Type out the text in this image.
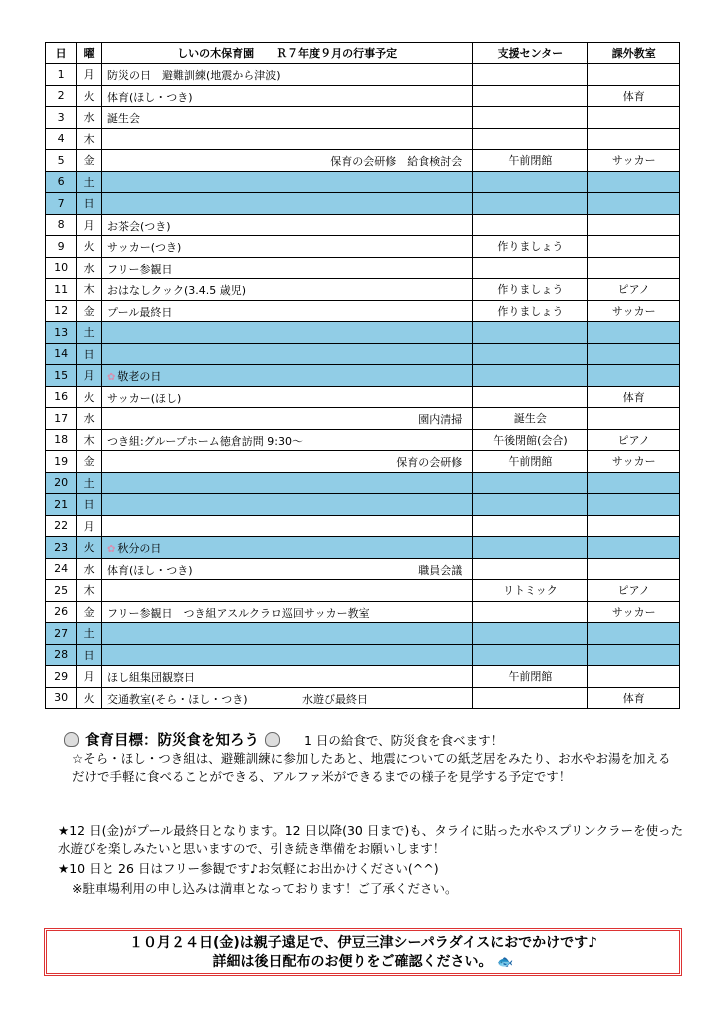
日	曜	しいの木保育園　　Ｒ７年度９月の行事予定	支援センター	課外教室
1	月	防災の日　避難訓練(地震から津波)		

2	火	体育(ほし・つき)		体育
3	水	誕生会		

4	木			
5	金	保育の会研修　給食検討会	午前閉館	サッカー
6	土			
7	日			
8	月	お茶会(つき)		

9	火	サッカー(つき)	作りましょう	
10	水	フリー参観日		

11	木	おはなしクック(3.4.5 歳児)	作りましょう	ピアノ
12	金	プール最終日	作りましょう	サッカー
13	土			
14	日			
15	月	✿ 敬老の日		

16	火	サッカー(ほし)		体育
17	水	園内清掃	誕生会	
18	木	つき組:グループホーム徳倉訪問 9:30～	午後閉館(会合)	ピアノ
19	金	保育の会研修	午前閉館	サッカー
20	土			
21	日			
22	月			
23	火	✿ 秋分の日		

24	水	体育(ほし・つき) 職員会議		

25	木		リトミック	ピアノ
26	金	フリー参観日　つき組アスルクラロ巡回サッカー教室		サッカー
27	土			
28	日			
29	月	ほし組集団観察日	午前閉館	
30	火	交通教室(そら・ほし・つき) 水遊び最終日		体育
食育目標：防災食を知ろう	1 日の給食で、防災食を食べます！
☆そら・ほし・つき組は、避難訓練に参加したあと、地震についての紙芝居をみたり、お水やお湯を加えるだけで手軽に食べることができる、アルファ米ができるまでの様子を見学する予定です！
★12 日(金)がプール最終日となります。12 日以降(30 日まで)も、タライに貼った水やスプリンクラーを使った水遊びを楽しみたいと思いますので、引き続き準備をお願いします！
★10 日と 26 日はフリー参観です♪お気軽にお出かけください(^^)
※駐車場利用の申し込みは満車となっております！ご了承ください。
１０月２４日(金)は親子遠足で、伊豆三津シーパラダイスにおでかけです♪
詳細は後日配布のお便りをご確認ください。 🐟
